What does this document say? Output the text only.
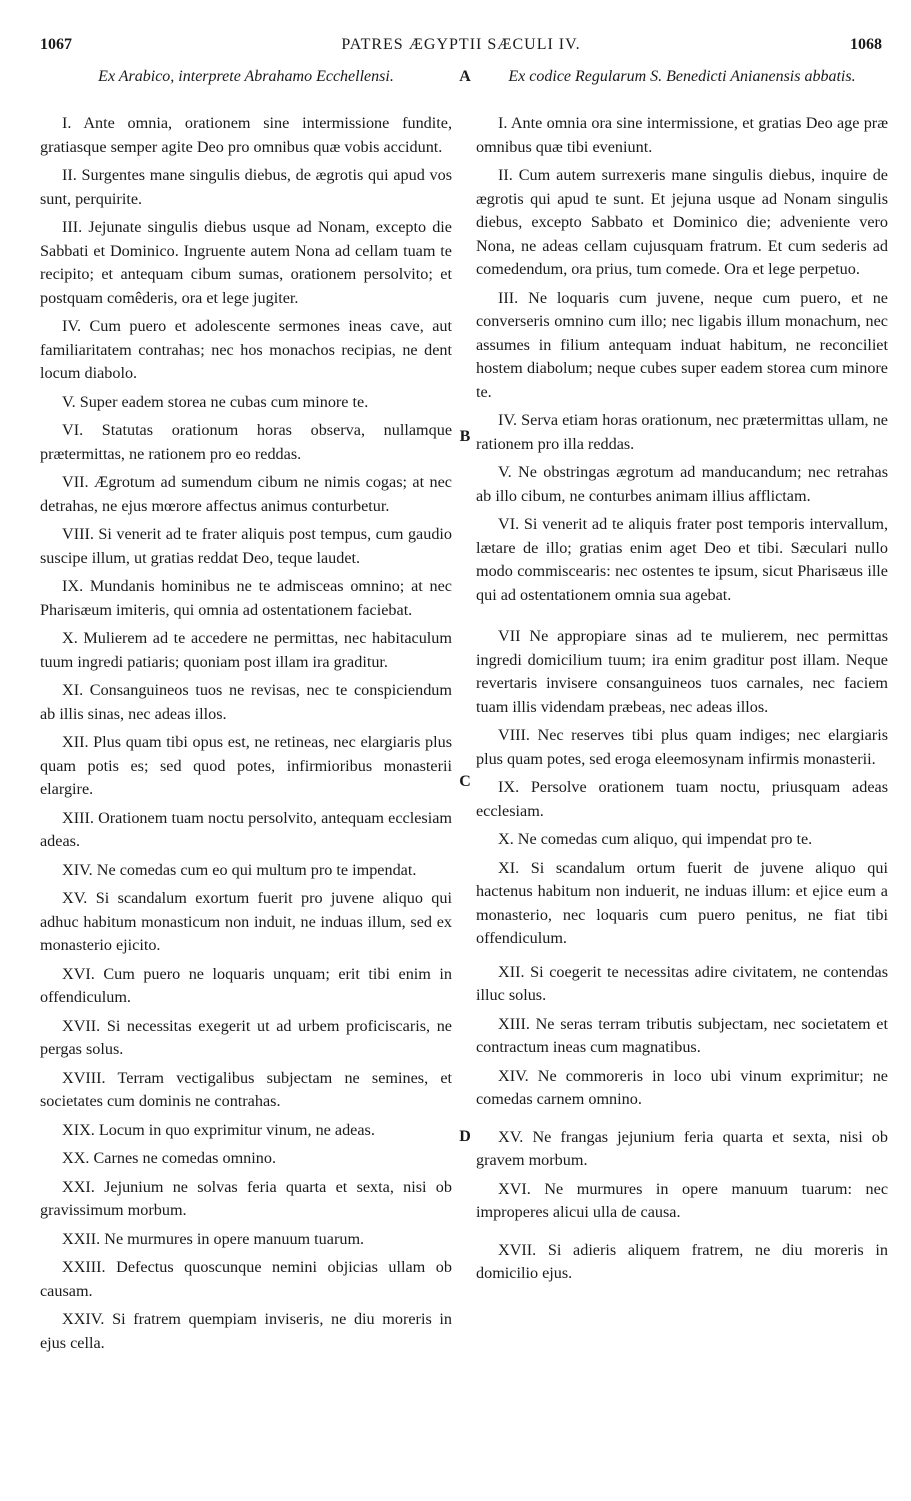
1067	PATRES ÆGYPTII SÆCULI IV.	1068
A
B
C
D

Ex Arabico, interprete Abrahamo Ecchellensi.

I. Ante omnia, orationem sine intermissione fundite, gratiasque semper agite Deo pro omnibus quæ vobis accidunt.

II. Surgentes mane singulis diebus, de ægrotis qui apud vos sunt, perquirite.

III. Jejunate singulis diebus usque ad Nonam, excepto die Sabbati et Dominico. Ingruente autem Nona ad cellam tuam te recipito; et antequam cibum sumas, orationem persolvito; et postquam comêderis, ora et lege jugiter.

IV. Cum puero et adolescente sermones ineas cave, aut familiaritatem contrahas; nec hos monachos recipias, ne dent locum diabolo.

V. Super eadem storea ne cubas cum minore te.

VI. Statutas orationum horas observa, nullamque prætermittas, ne rationem pro eo reddas.

VII. Ægrotum ad sumendum cibum ne nimis cogas; at nec detrahas, ne ejus mœrore affectus animus conturbetur.

VIII. Si venerit ad te frater aliquis post tempus, cum gaudio suscipe illum, ut gratias reddat Deo, teque laudet.

IX. Mundanis hominibus ne te admisceas omnino; at nec Pharisæum imiteris, qui omnia ad ostentationem faciebat.

X. Mulierem ad te accedere ne permittas, nec habitaculum tuum ingredi patiaris; quoniam post illam ira graditur.

XI. Consanguineos tuos ne revisas, nec te conspiciendum ab illis sinas, nec adeas illos.

XII. Plus quam tibi opus est, ne retineas, nec elargiaris plus quam potis es; sed quod potes, infirmioribus monasterii elargire.

XIII. Orationem tuam noctu persolvito, antequam ecclesiam adeas.

XIV. Ne comedas cum eo qui multum pro te impendat.

XV. Si scandalum exortum fuerit pro juvene aliquo qui adhuc habitum monasticum non induit, ne induas illum, sed ex monasterio ejicito.

XVI. Cum puero ne loquaris unquam; erit tibi enim in offendiculum.

XVII. Si necessitas exegerit ut ad urbem proficiscaris, ne pergas solus.

XVIII. Terram vectigalibus subjectam ne semines, et societates cum dominis ne contrahas.

XIX. Locum in quo exprimitur vinum, ne adeas.

XX. Carnes ne comedas omnino.

XXI. Jejunium ne solvas feria quarta et sexta, nisi ob gravissimum morbum.

XXII. Ne murmures in opere manuum tuarum.

XXIII. Defectus quoscunque nemini objicias ullam ob causam.

XXIV. Si fratrem quempiam inviseris, ne diu moreris in ejus cella.

Ex codice Regularum S. Benedicti Anianensis abbatis.

I. Ante omnia ora sine intermissione, et gratias Deo age præ omnibus quæ tibi eveniunt.

II. Cum autem surrexeris mane singulis diebus, inquire de ægrotis qui apud te sunt. Et jejuna usque ad Nonam singulis diebus, excepto Sabbato et Dominico die; adveniente vero Nona, ne adeas cellam cujusquam fratrum. Et cum sederis ad comedendum, ora prius, tum comede. Ora et lege perpetuo.

III. Ne loquaris cum juvene, neque cum puero, et ne converseris omnino cum illo; nec ligabis illum monachum, nec assumes in filium antequam induat habitum, ne reconciliet hostem diabolum; neque cubes super eadem storea cum minore te.

IV. Serva etiam horas orationum, nec prætermittas ullam, ne rationem pro illa reddas.

V. Ne obstringas ægrotum ad manducandum; nec retrahas ab illo cibum, ne conturbes animam illius afflictam.

VI. Si venerit ad te aliquis frater post temporis intervallum, lætare de illo; gratias enim aget Deo et tibi. Sæculari nullo modo commiscearis: nec ostentes te ipsum, sicut Pharisæus ille qui ad ostentationem omnia sua agebat.

VII Ne appropiare sinas ad te mulierem, nec permittas ingredi domicilium tuum; ira enim graditur post illam. Neque revertaris invisere consanguineos tuos carnales, nec faciem tuam illis videndam præbeas, nec adeas illos.

VIII. Nec reserves tibi plus quam indiges; nec elargiaris plus quam potes, sed eroga eleemosynam infirmis monasterii.

IX. Persolve orationem tuam noctu, priusquam adeas ecclesiam.

X. Ne comedas cum aliquo, qui impendat pro te.

XI. Si scandalum ortum fuerit de juvene aliquo qui hactenus habitum non induerit, ne induas illum: et ejice eum a monasterio, nec loquaris cum puero penitus, ne fiat tibi offendiculum.

XII. Si coegerit te necessitas adire civitatem, ne contendas illuc solus.

XIII. Ne seras terram tributis subjectam, nec societatem et contractum ineas cum magnatibus.

XIV. Ne commoreris in loco ubi vinum exprimitur; ne comedas carnem omnino.

XV. Ne frangas jejunium feria quarta et sexta, nisi ob gravem morbum.

XVI. Ne murmures in opere manuum tuarum: nec improperes alicui ulla de causa.

XVII. Si adieris aliquem fratrem, ne diu moreris in domicilio ejus.
